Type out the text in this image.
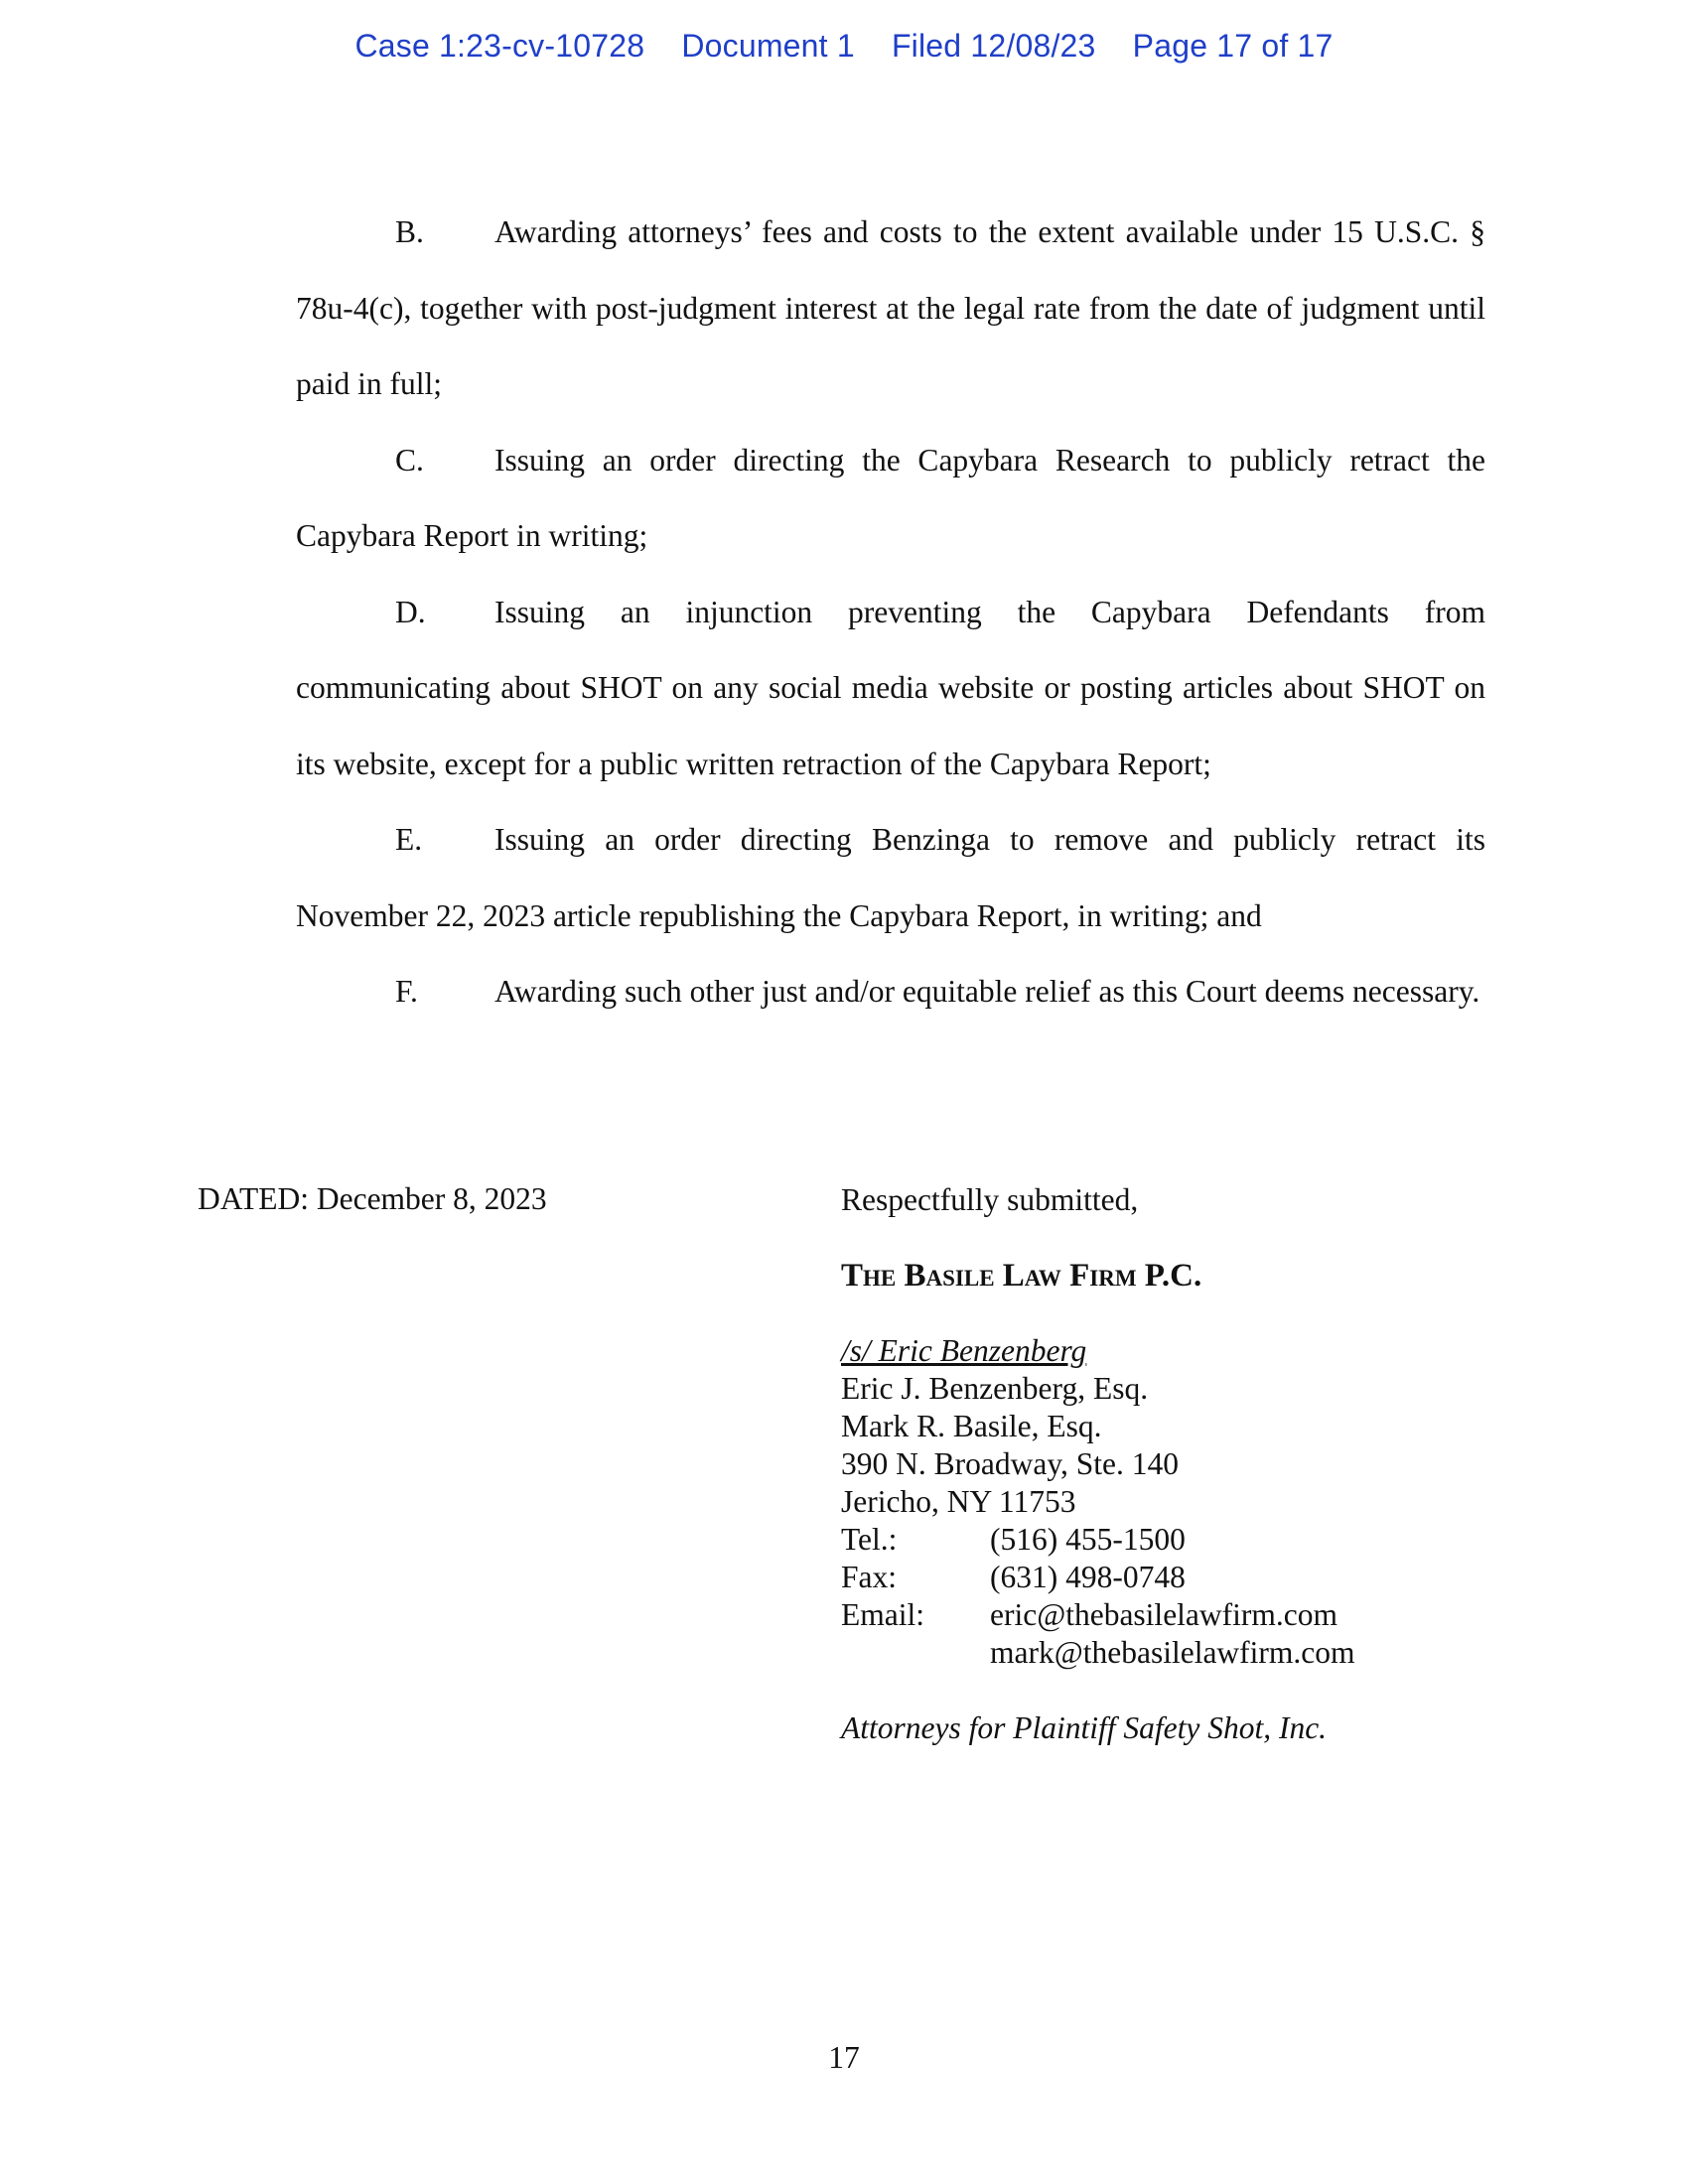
Case 1:23-cv-10728 Document 1 Filed 12/08/23 Page 17 of 17

B. Awarding attorneys’ fees and costs to the extent available under 15 U.S.C. § 78u-4(c), together with post-judgment interest at the legal rate from the date of judgment until paid in full;

C. Issuing an order directing the Capybara Research to publicly retract the Capybara Report in writing;

D. Issuing an injunction preventing the Capybara Defendants from communicating about SHOT on any social media website or posting articles about SHOT on its website, except for a public written retraction of the Capybara Report;

E. Issuing an order directing Benzinga to remove and publicly retract its November 22, 2023 article republishing the Capybara Report, in writing; and

F. Awarding such other just and/or equitable relief as this Court deems necessary.

DATED: December 8, 2023	Respectfully submitted,
The Basile Law Firm P.C.
/s/ Eric Benzenberg
Eric J. Benzenberg, Esq.
Mark R. Basile, Esq.
390 N. Broadway, Ste. 140
Jericho, NY 11753
Tel.:	(516) 455-1500
Fax:	(631) 498-0748
Email:	eric@thebasilelawfirm.com
mark@thebasilelawfirm.com
Attorneys for Plaintiff Safety Shot, Inc.
17
